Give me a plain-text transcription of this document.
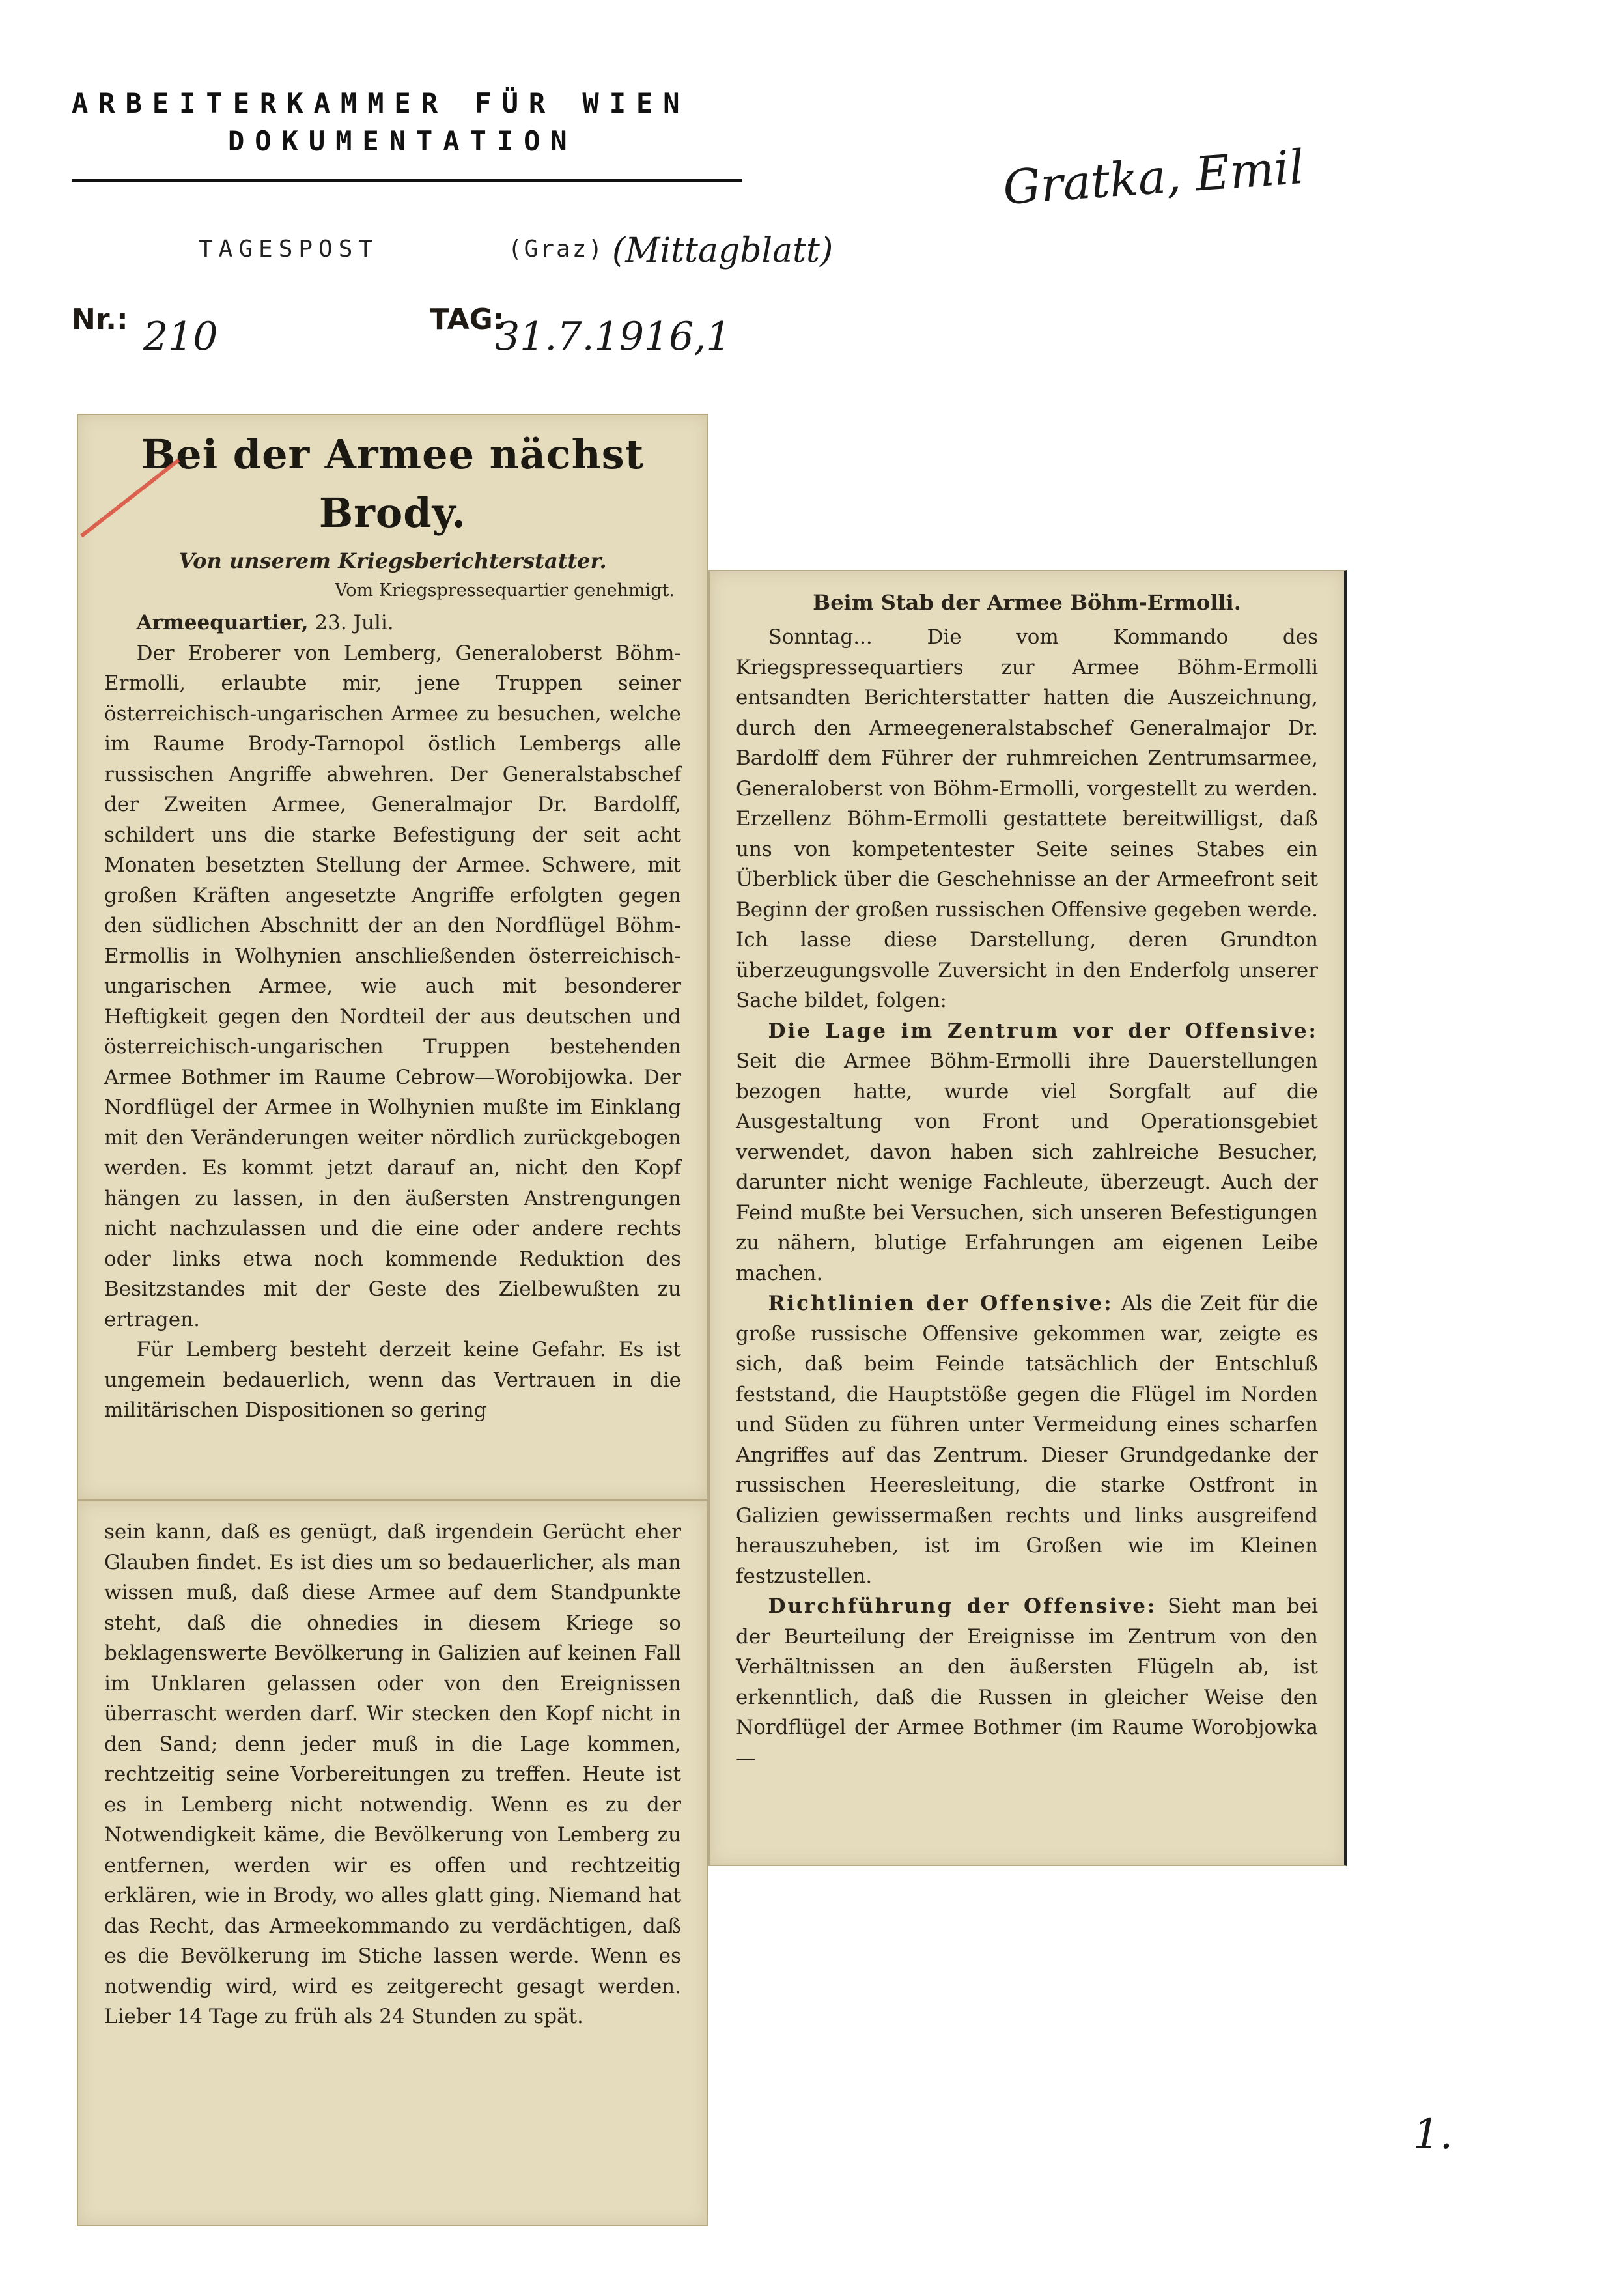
ARBEITERKAMMER FÜR WIEN
DOKUMENTATION
TAGESPOST	(Graz) (Mittagblatt)
Nr.: 210	TAG:
31.7.1916,1
Gratka, Emil
Bei der Armee nächst Brody.
Von unserem Kriegsberichterstatter.
Vom Kriegspressequartier genehmigt.

Armeequartier, 23. Juli.

Der Eroberer von Lemberg, Generaloberst Böhm-Ermolli, erlaubte mir, jene Truppen seiner österreichisch-ungarischen Armee zu besuchen, welche im Raume Brody-Tarnopol östlich Lembergs alle russischen Angriffe abwehren. Der Generalstabschef der Zweiten Armee, Generalmajor Dr. Bardolff, schildert uns die starke Befestigung der seit acht Monaten besetzten Stellung der Armee. Schwere, mit großen Kräften angesetzte Angriffe erfolgten gegen den südlichen Abschnitt der an den Nordflügel Böhm-Ermollis in Wolhynien anschließenden österreichisch-ungarischen Armee, wie auch mit besonderer Heftigkeit gegen den Nordteil der aus deutschen und österreichisch-ungarischen Truppen bestehenden Armee Bothmer im Raume Cebrow—Worobijowka. Der Nordflügel der Armee in Wolhynien mußte im Einklang mit den Veränderungen weiter nördlich zurückgebogen werden. Es kommt jetzt darauf an, nicht den Kopf hängen zu lassen, in den äußersten Anstrengungen nicht nachzulassen und die eine oder andere rechts oder links etwa noch kommende Reduktion des Besitzstandes mit der Geste des Zielbewußten zu ertragen.

Für Lemberg besteht derzeit keine Gefahr. Es ist ungemein bedauerlich, wenn das Vertrauen in die militärischen Dispositionen so gering

sein kann, daß es genügt, daß irgendein Gerücht eher Glauben findet. Es ist dies um so bedauerlicher, als man wissen muß, daß diese Armee auf dem Standpunkte steht, daß die ohnedies in diesem Kriege so beklagenswerte Bevölkerung in Galizien auf keinen Fall im Unklaren gelassen oder von den Ereignissen überrascht werden darf. Wir stecken den Kopf nicht in den Sand; denn jeder muß in die Lage kommen, rechtzeitig seine Vorbereitungen zu treffen. Heute ist es in Lemberg nicht notwendig. Wenn es zu der Notwendigkeit käme, die Bevölkerung von Lemberg zu entfernen, werden wir es offen und rechtzeitig erklären, wie in Brody, wo alles glatt ging. Niemand hat das Recht, das Armeekommando zu verdächtigen, daß es die Bevölkerung im Stiche lassen werde. Wenn es notwendig wird, wird es zeitgerecht gesagt werden. Lieber 14 Tage zu früh als 24 Stunden zu spät.

Beim Stab der Armee Böhm-Ermolli.

Sonntag... Die vom Kommando des Kriegspressequartiers zur Armee Böhm-Ermolli entsandten Berichterstatter hatten die Auszeichnung, durch den Armeegeneralstabschef Generalmajor Dr. Bardolff dem Führer der ruhmreichen Zentrumsarmee, Generaloberst von Böhm-Ermolli, vorgestellt zu werden. Erzellenz Böhm-Ermolli gestattete bereitwilligst, daß uns von kompetentester Seite seines Stabes ein Überblick über die Geschehnisse an der Armeefront seit Beginn der großen russischen Offensive gegeben werde. Ich lasse diese Darstellung, deren Grundton überzeugungsvolle Zuversicht in den Enderfolg unserer Sache bildet, folgen:

Die Lage im Zentrum vor der Offensive: Seit die Armee Böhm-Ermolli ihre Dauerstellungen bezogen hatte, wurde viel Sorgfalt auf die Ausgestaltung von Front und Operationsgebiet verwendet, davon haben sich zahlreiche Besucher, darunter nicht wenige Fachleute, überzeugt. Auch der Feind mußte bei Versuchen, sich unseren Befestigungen zu nähern, blutige Erfahrungen am eigenen Leibe machen.

Richtlinien der Offensive: Als die Zeit für die große russische Offensive gekommen war, zeigte es sich, daß beim Feinde tatsächlich der Entschluß feststand, die Hauptstöße gegen die Flügel im Norden und Süden zu führen unter Vermeidung eines scharfen Angriffes auf das Zentrum. Dieser Grundgedanke der russischen Heeresleitung, die starke Ostfront in Galizien gewissermaßen rechts und links ausgreifend herauszuheben, ist im Großen wie im Kleinen festzustellen.

Durchführung der Offensive: Sieht man bei der Beurteilung der Ereignisse im Zentrum von den Verhältnissen an den äußersten Flügeln ab, ist erkenntlich, daß die Russen in gleicher Weise den Nordflügel der Armee Bothmer (im Raume Worobjowka—

1.
